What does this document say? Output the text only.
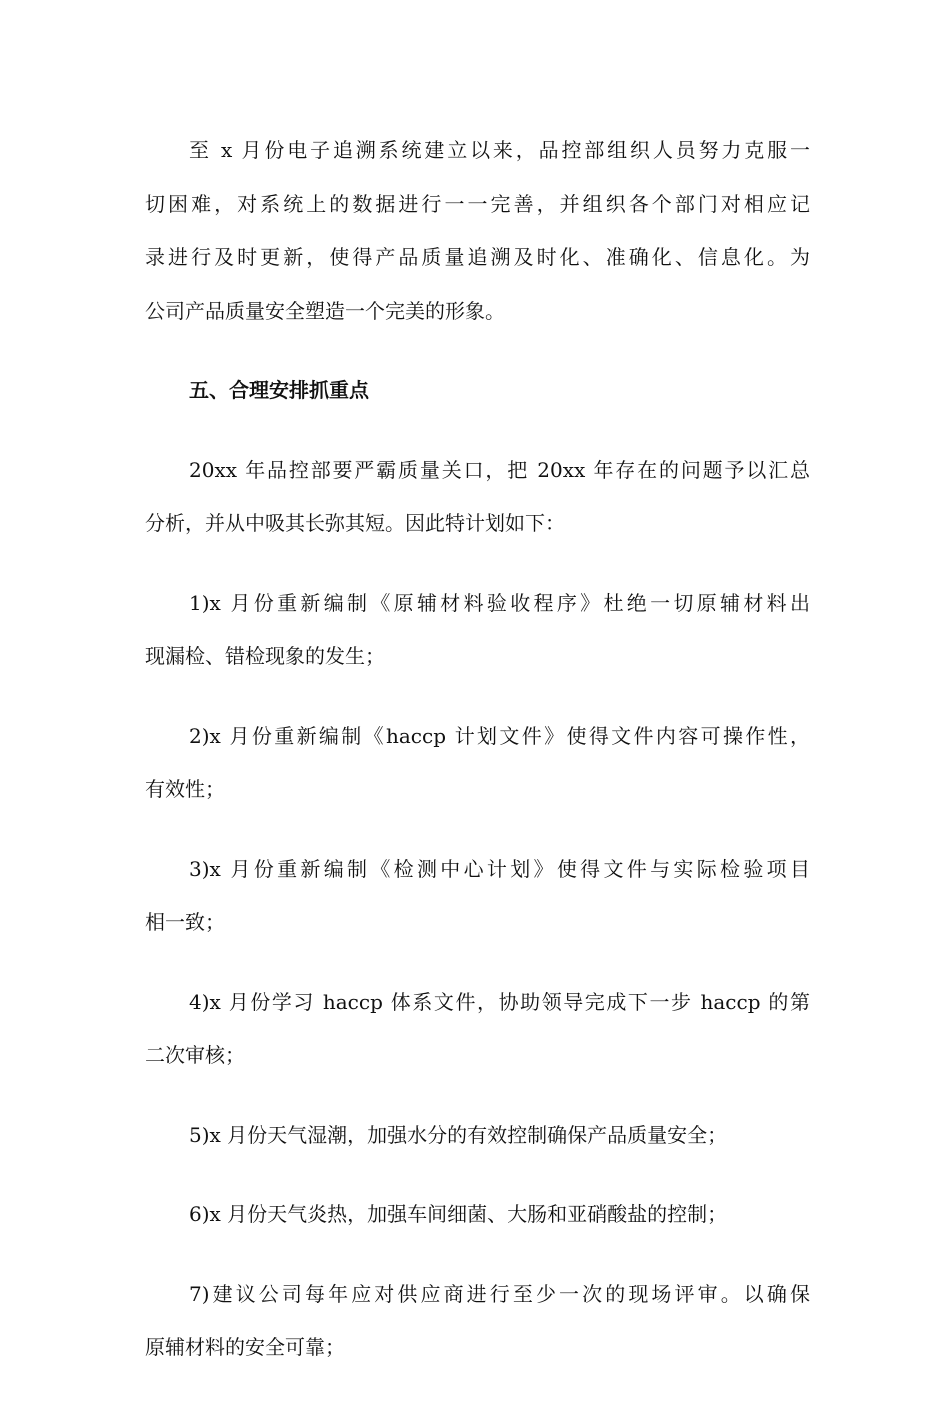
至 x 月份电子追溯系统建立以来，品控部组织人员努力克服一
切困难，对系统上的数据进行一一完善，并组织各个部门对相应记
录进行及时更新，使得产品质量追溯及时化、准确化、信息化。为
公司产品质量安全塑造一个完美的形象。
五、合理安排抓重点
20xx 年品控部要严霸质量关口，把 20xx 年存在的问题予以汇总
分析，并从中吸其长弥其短。因此特计划如下：
1)x 月份重新编制《原辅材料验收程序》杜绝一切原辅材料出
现漏检、错检现象的发生；
2)x 月份重新编制《haccp 计划文件》使得文件内容可操作性，
有效性；
3)x 月份重新编制《检测中心计划》使得文件与实际检验项目
相一致；
4)x 月份学习 haccp 体系文件，协助领导完成下一步 haccp 的第
二次审核；
5)x 月份天气湿潮，加强水分的有效控制确保产品质量安全；
6)x 月份天气炎热，加强车间细菌、大肠和亚硝酸盐的控制；
7)建议公司每年应对供应商进行至少一次的现场评审。以确保
原辅材料的安全可靠；
